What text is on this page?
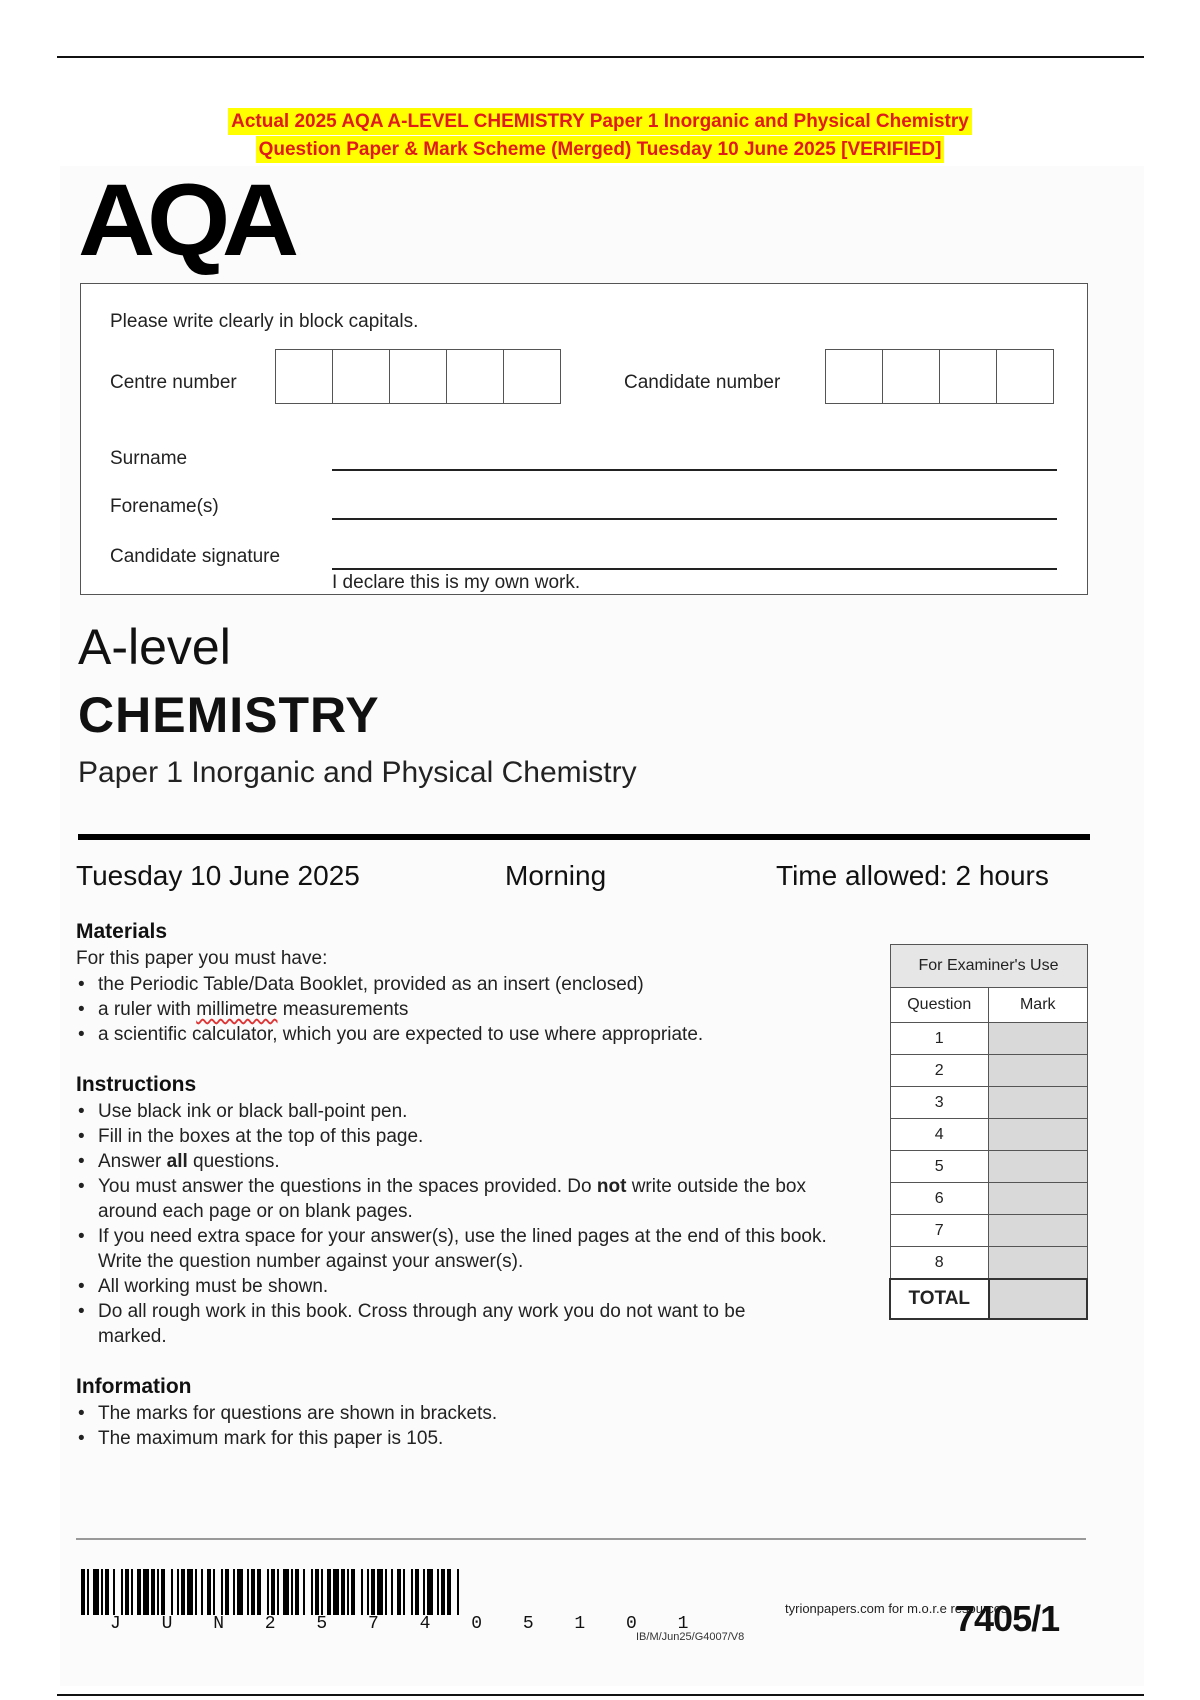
Actual 2025 AQA A-LEVEL CHEMISTRY Paper 1 Inorganic and Physical Chemistry
Question Paper & Mark Scheme (Merged) Tuesday 10 June 2025 [VERIFIED]
AQA
Please write clearly in block capitals.
Centre number	Candidate number
Surname
Forename(s)
Candidate signature
I declare this is my own work.
A-level
CHEMISTRY
Paper 1 Inorganic and Physical Chemistry
Tuesday 10 June 2025	Morning	Time allowed: 2 hours
Materials
For this paper you must have:
• the Periodic Table/Data Booklet, provided as an insert (enclosed)
• a ruler with millimetre measurements
• a scientific calculator, which you are expected to use where appropriate.
Instructions
• Use black ink or black ball-point pen.
• Fill in the boxes at the top of this page.
• Answer all questions.
• You must answer the questions in the spaces provided. Do not write outside the box around each page or on blank pages.
• If you need extra space for your answer(s), use the lined pages at the end of this book. Write the question number against your answer(s).
• All working must be shown.
• Do all rough work in this book. Cross through any work you do not want to be marked.
Information
• The marks for questions are shown in brackets.
• The maximum mark for this paper is 105.
For Examiner's Use	
Question	Mark
1	
2	
3	
4	
5	
6	
7	
8	
TOTAL	
J U N 2 5 7 4 0 5 1 0 1
tyrionpapers.com for m.o.r.e resources
IB/M/Jun25/G4007/V8	7405/1
